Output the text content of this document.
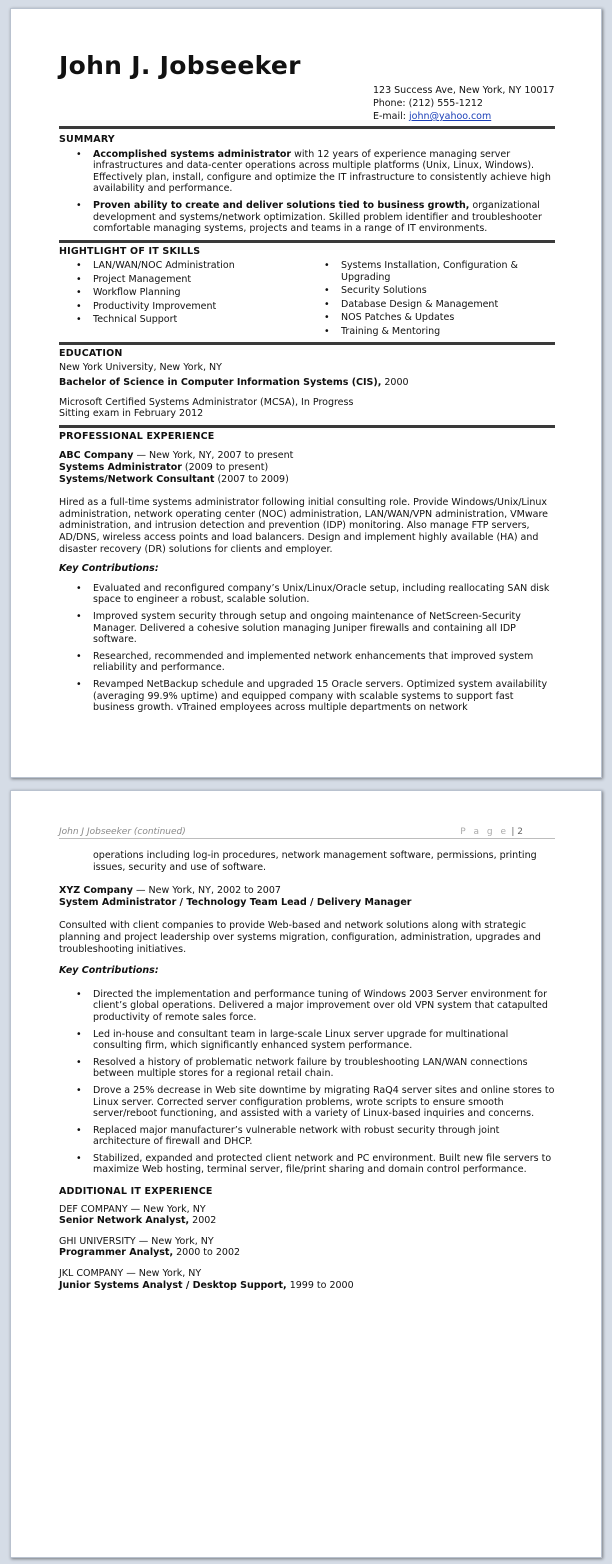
John J. Jobseeker
123 Success Ave, New York, NY 10017
Phone: (212) 555-1212
E-mail: john@yahoo.com
SUMMARY
• Accomplished systems administrator with 12 years of experience managing server infrastructures and data-center operations across multiple platforms (Unix, Linux, Windows). Effectively plan, install, configure and optimize the IT infrastructure to consistently achieve high availability and performance.
• Proven ability to create and deliver solutions tied to business growth, organizational development and systems/network optimization. Skilled problem identifier and troubleshooter comfortable managing systems, projects and teams in a range of IT environments.
HIGHTLIGHT OF IT SKILLS
• LAN/WAN/NOC Administration
• Project Management
• Workflow Planning
• Productivity Improvement
• Technical Support
• Systems Installation, Configuration & Upgrading
• Security Solutions
• Database Design & Management
• NOS Patches & Updates
• Training & Mentoring
EDUCATION

New York University, New York, NY

Bachelor of Science in Computer Information Systems (CIS), 2000

Microsoft Certified Systems Administrator (MCSA), In Progress

Sitting exam in February 2012

PROFESSIONAL EXPERIENCE

ABC Company — New York, NY, 2007 to present

Systems Administrator (2009 to present)

Systems/Network Consultant (2007 to 2009)

Hired as a full-time systems administrator following initial consulting role. Provide Windows/Unix/Linux administration, network operating center (NOC) administration, LAN/WAN/VPN administration, VMware administration, and intrusion detection and prevention (IDP) monitoring. Also manage FTP servers, AD/DNS, wireless access points and load balancers. Design and implement highly available (HA) and disaster recovery (DR) solutions for clients and employer.

Key Contributions:
• Evaluated and reconfigured company’s Unix/Linux/Oracle setup, including reallocating SAN disk space to engineer a robust, scalable solution.
• Improved system security through setup and ongoing maintenance of NetScreen-Security Manager. Delivered a cohesive solution managing Juniper firewalls and containing all IDP software.
• Researched, recommended and implemented network enhancements that improved system reliability and performance.
• Revamped NetBackup schedule and upgraded 15 Oracle servers. Optimized system availability (averaging 99.9% uptime) and equipped company with scalable systems to support fast business growth. vTrained employees across multiple departments on network
John J Jobseeker (continued)	P a g e | 2

operations including log-in procedures, network management software, permissions, printing issues, security and use of software.

XYZ Company — New York, NY, 2002 to 2007

System Administrator / Technology Team Lead / Delivery Manager

Consulted with client companies to provide Web-based and network solutions along with strategic planning and project leadership over systems migration, configuration, administration, upgrades and troubleshooting initiatives.

Key Contributions:
• Directed the implementation and performance tuning of Windows 2003 Server environment for client’s global operations. Delivered a major improvement over old VPN system that catapulted productivity of remote sales force.
• Led in-house and consultant team in large-scale Linux server upgrade for multinational consulting firm, which significantly enhanced system performance.
• Resolved a history of problematic network failure by troubleshooting LAN/WAN connections between multiple stores for a regional retail chain.
• Drove a 25% decrease in Web site downtime by migrating RaQ4 server sites and online stores to Linux server. Corrected server configuration problems, wrote scripts to ensure smooth server/reboot functioning, and assisted with a variety of Linux-based inquiries and concerns.
• Replaced major manufacturer’s vulnerable network with robust security through joint architecture of firewall and DHCP.
• Stabilized, expanded and protected client network and PC environment. Built new file servers to maximize Web hosting, terminal server, file/print sharing and domain control performance.
ADDITIONAL IT EXPERIENCE

DEF COMPANY — New York, NY

Senior Network Analyst, 2002

GHI UNIVERSITY — New York, NY

Programmer Analyst, 2000 to 2002

JKL COMPANY — New York, NY

Junior Systems Analyst / Desktop Support, 1999 to 2000
